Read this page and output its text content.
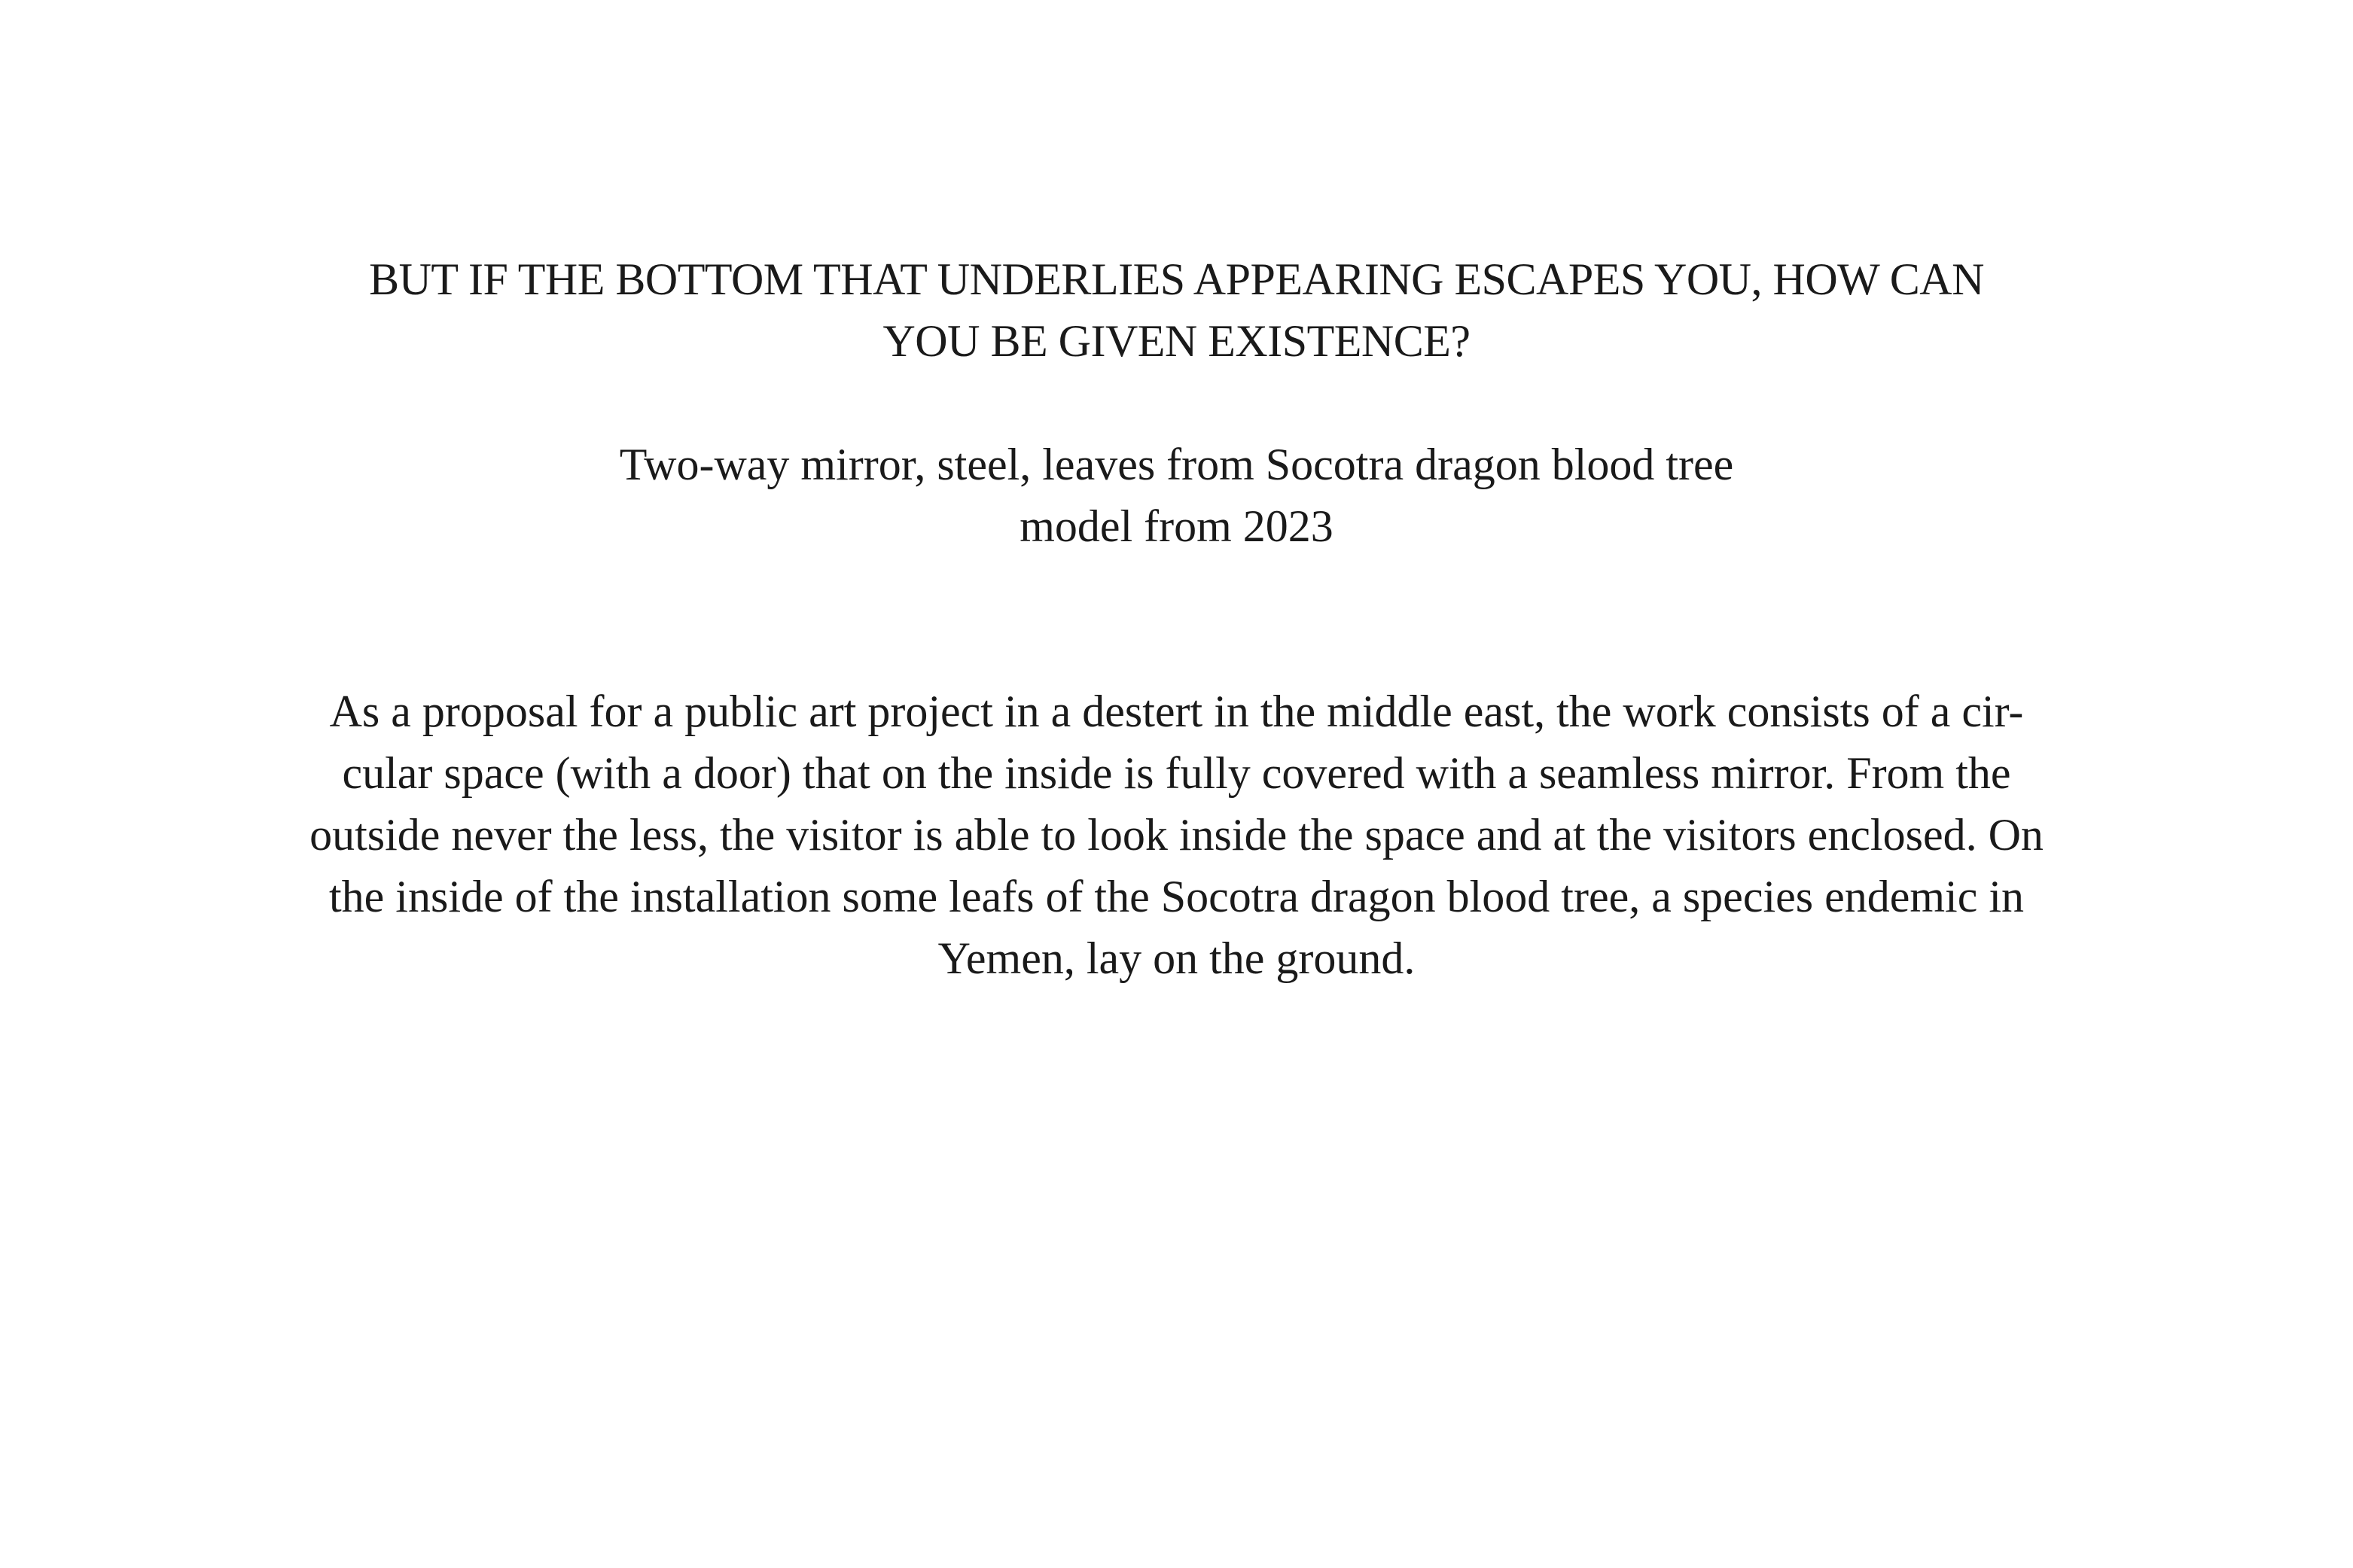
BUT IF THE BOTTOM THAT UNDERLIES APPEARING ESCAPES YOU, HOW CAN
YOU BE GIVEN EXISTENCE?
Two-way mirror, steel, leaves from Socotra dragon blood tree
model from 2023
As a proposal for a public art project in a destert in the middle east, the work consists of a cir-
cular space (with a door) that on the inside is fully covered with a seamless mirror. From the
outside never the less, the visitor is able to look inside the space and at the visitors enclosed. On
the inside of the installation some leafs of the Socotra dragon blood tree, a species endemic in
Yemen, lay on the ground.
